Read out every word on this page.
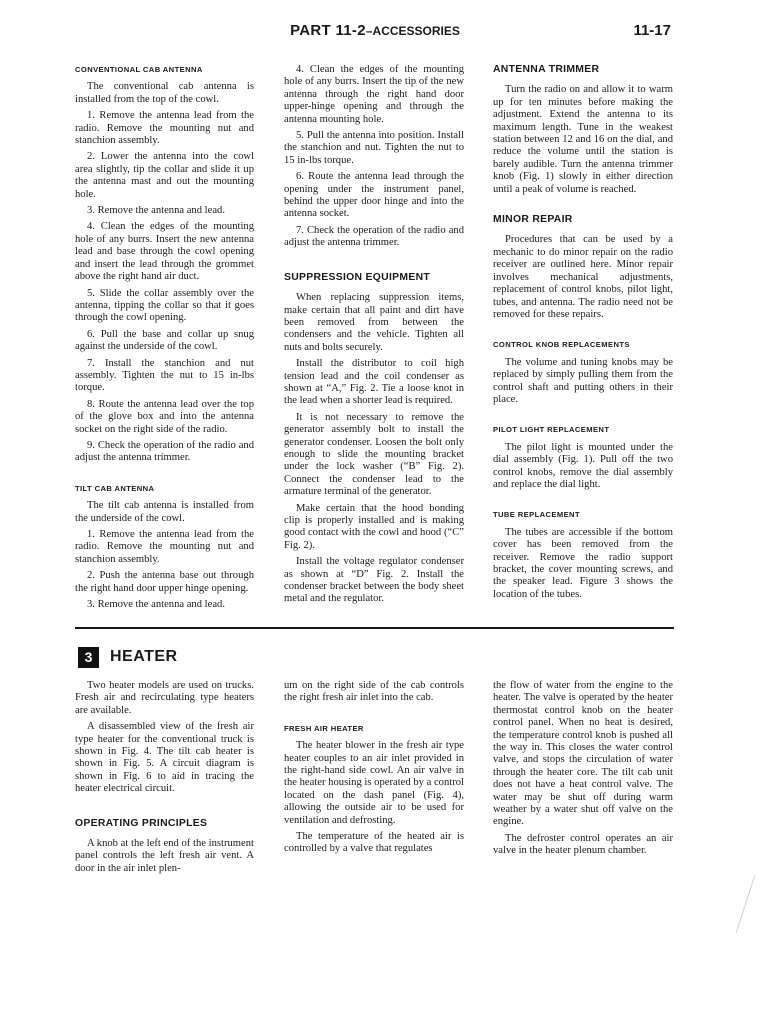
PART 11-2–ACCESSORIES	11-17
CONVENTIONAL CAB ANTENNA

The conventional cab antenna is installed from the top of the cowl.

1. Remove the antenna lead from the radio. Remove the mounting nut and stanchion assembly.

2. Lower the antenna into the cowl area slightly, tip the collar and slide it up the antenna mast and out the mounting hole.

3. Remove the antenna and lead.

4. Clean the edges of the mounting hole of any burrs. Insert the new antenna lead and base through the cowl opening and insert the lead through the grommet above the right hand air duct.

5. Slide the collar assembly over the antenna, tipping the collar so that it goes through the cowl opening.

6. Pull the base and collar up snug against the underside of the cowl.

7. Install the stanchion and nut assembly. Tighten the nut to 15 in-lbs torque.

8. Route the antenna lead over the top of the glove box and into the antenna socket on the right side of the radio.

9. Check the operation of the radio and adjust the antenna trimmer.

TILT CAB ANTENNA

The tilt cab antenna is installed from the underside of the cowl.

1. Remove the antenna lead from the radio. Remove the mounting nut and stanchion assembly.

2. Push the antenna base out through the right hand door upper hinge opening.

3. Remove the antenna and lead.

4. Clean the edges of the mounting hole of any burrs. Insert the tip of the new antenna through the right hand door upper-hinge opening and through the antenna mounting hole.

5. Pull the antenna into position. Install the stanchion and nut. Tighten the nut to 15 in-lbs torque.

6. Route the antenna lead through the opening under the instrument panel, behind the upper door hinge and into the antenna socket.

7. Check the operation of the radio and adjust the antenna trimmer.

SUPPRESSION EQUIPMENT

When replacing suppression items, make certain that all paint and dirt have been removed from between the condensers and the vehicle. Tighten all nuts and bolts securely.

Install the distributor to coil high tension lead and the coil condenser as shown at “A,” Fig. 2. Tie a loose knot in the lead when a shorter lead is required.

It is not necessary to remove the generator assembly bolt to install the generator condenser. Loosen the bolt only enough to slide the mounting bracket under the lock washer (“B” Fig. 2). Connect the condenser lead to the armature terminal of the generator.

Make certain that the hood bonding clip is properly installed and is making good contact with the cowl and hood (“C” Fig. 2).

Install the voltage regulator condenser as shown at “D” Fig. 2. Install the condenser bracket between the body sheet metal and the regulator.

ANTENNA TRIMMER

Turn the radio on and allow it to warm up for ten minutes before making the adjustment. Extend the antenna to its maximum length. Tune in the weakest station between 12 and 16 on the dial, and reduce the volume until the station is barely audible. Turn the antenna trimmer knob (Fig. 1) slowly in either direction until a peak of volume is reached.

MINOR REPAIR

Procedures that can be used by a mechanic to do minor repair on the radio receiver are outlined here. Minor repair involves mechanical adjustments, replacement of control knobs, pilot light, tubes, and antenna. The radio need not be removed for these repairs.

CONTROL KNOB REPLACEMENTS

The volume and tuning knobs may be replaced by simply pulling them from the control shaft and putting others in their place.

PILOT LIGHT REPLACEMENT

The pilot light is mounted under the dial assembly (Fig. 1). Pull off the two control knobs, remove the dial assembly and replace the dial light.

TUBE REPLACEMENT

The tubes are accessible if the bottom cover has been removed from the receiver. Remove the radio support bracket, the cover mounting screws, and the speaker lead. Figure 3 shows the location of the tubes.

3	HEATER

Two heater models are used on trucks. Fresh air and recirculating type heaters are available.

A disassembled view of the fresh air type heater for the conventional truck is shown in Fig. 4. The tilt cab heater is shown in Fig. 5. A circuit diagram is shown in Fig. 6 to aid in tracing the heater electrical circuit.

OPERATING PRINCIPLES

A knob at the left end of the instrument panel controls the left fresh air vent. A door in the air inlet plen-

um on the right side of the cab controls the right fresh air inlet into the cab.

FRESH AIR HEATER

The heater blower in the fresh air type heater couples to an air inlet provided in the right-hand side cowl. An air valve in the heater housing is operated by a control located on the dash panel (Fig. 4), allowing the outside air to be used for ventilation and defrosting.

The temperature of the heated air is controlled by a valve that regulates

the flow of water from the engine to the heater. The valve is operated by the heater thermostat control knob on the heater control panel. When no heat is desired, the temperature control knob is pushed all the way in. This closes the water control valve, and stops the circulation of water through the heater core. The tilt cab unit does not have a heat control valve. The water may be shut off during warm weather by a water shut off valve on the engine.

The defroster control operates an air valve in the heater plenum chamber.
